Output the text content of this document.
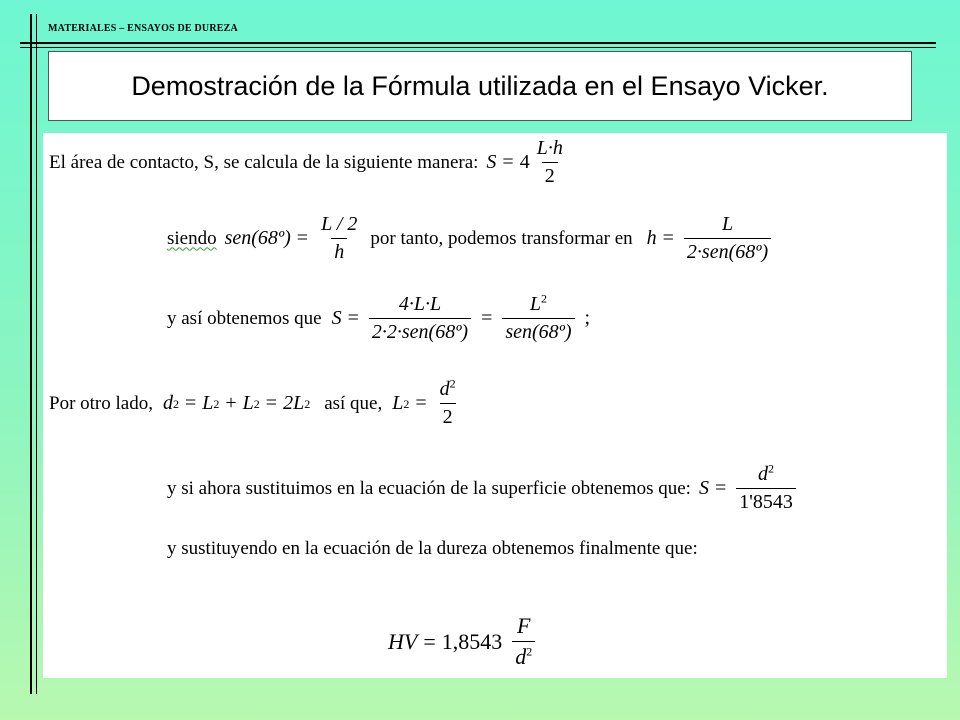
MATERIALES – ENSAYOS DE DUREZA
Demostración de la Fórmula utilizada en el Ensayo Vicker.
El área de contacto, S, se calcula de la siguiente manera: $S = 4 \frac{L\cdot h}{2}$
siendo sen(68º) = $\frac{L / 2}{h}$ por tanto, podemos transformar en $h = \frac{L}{\text{2·sen(68º)}}$
y así obtenemos que $S = \frac{4\cdot L\cdot L}{\text{2·2·sen(68º)}} = \frac{L^2}{\text{sen(68º)}}$ ;
Por otro lado, d 2 = L 2 + L 2 = 2L 2 así que, L $2 = \frac{d^2}{2}$
y si ahora sustituimos en la ecuación de la superficie obtenemos que: $S = \frac{d^2}{1'8543}$
y sustituyendo en la ecuación de la dureza obtenemos finalmente que:
HV = $1,8543 \frac{F}{d^2}$
